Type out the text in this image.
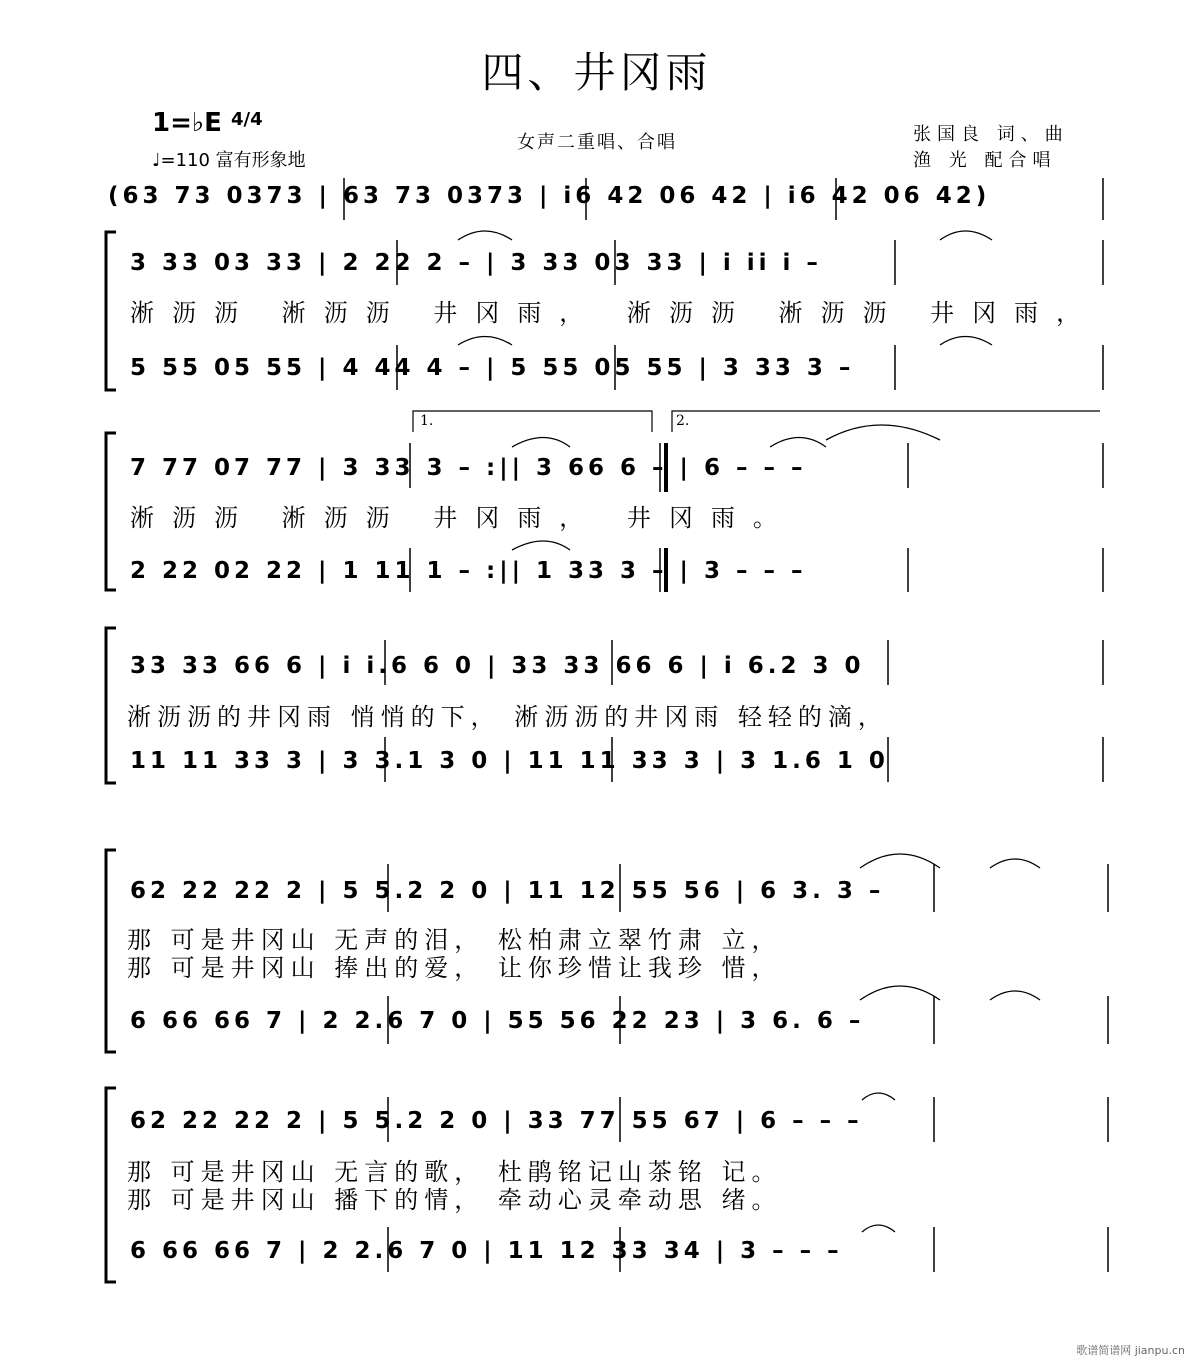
四、井冈雨
1=♭E $^{4/4}$
♩=110 富有形象地
女声二重唱、合唱	张国良 词、曲
渔 光 配合唱
(63 73 0373 | 63 73 0373 | i6 42 06 42 | i6 42 06 42)
3 33 03 33 | 2 22 2 – | 3 33 03 33 | i ii i –
淅沥沥 淅沥沥 井冈雨， 淅沥沥 淅沥沥 井冈雨，
5 55 05 55 | 4 44 4 – | 5 55 05 55 | 3 33 3 –
1.	2.
7 77 07 77 | 3 33 3 – :|| 3 66 6 – | 6 – – –
淅沥沥 淅沥沥 井冈雨， 井冈雨。
2 22 02 22 | 1 11 1 – :|| 1 33 3 – | 3 – – –
33 33 66 6 | i i.6 6 0 | 33 33 66 6 | i 6.2 3 0
淅沥沥的井冈雨 悄悄的下， 淅沥沥的井冈雨 轻轻的滴，
11 11 33 3 | 3 3.1 3 0 | 11 11 33 3 | 3 1.6 1 0
62 22 22 2 | 5 5.2 2 0 | 11 12 55 56 | 6 3. 3 –
那 可是井冈山 无声的泪， 松柏肃立翠竹肃 立，
那 可是井冈山 捧出的爱， 让你珍惜让我珍 惜，
6 66 66 7 | 2 2.6 7 0 | 55 56 22 23 | 3 6. 6 –
62 22 22 2 | 5 5.2 2 0 | 33 77 55 67 | 6 – – –
那 可是井冈山 无言的歌， 杜鹃铭记山茶铭 记。
那 可是井冈山 播下的情， 牵动心灵牵动思 绪。
6 66 66 7 | 2 2.6 7 0 | 11 12 33 34 | 3 – – –
歌谱简谱网 jianpu.cn
